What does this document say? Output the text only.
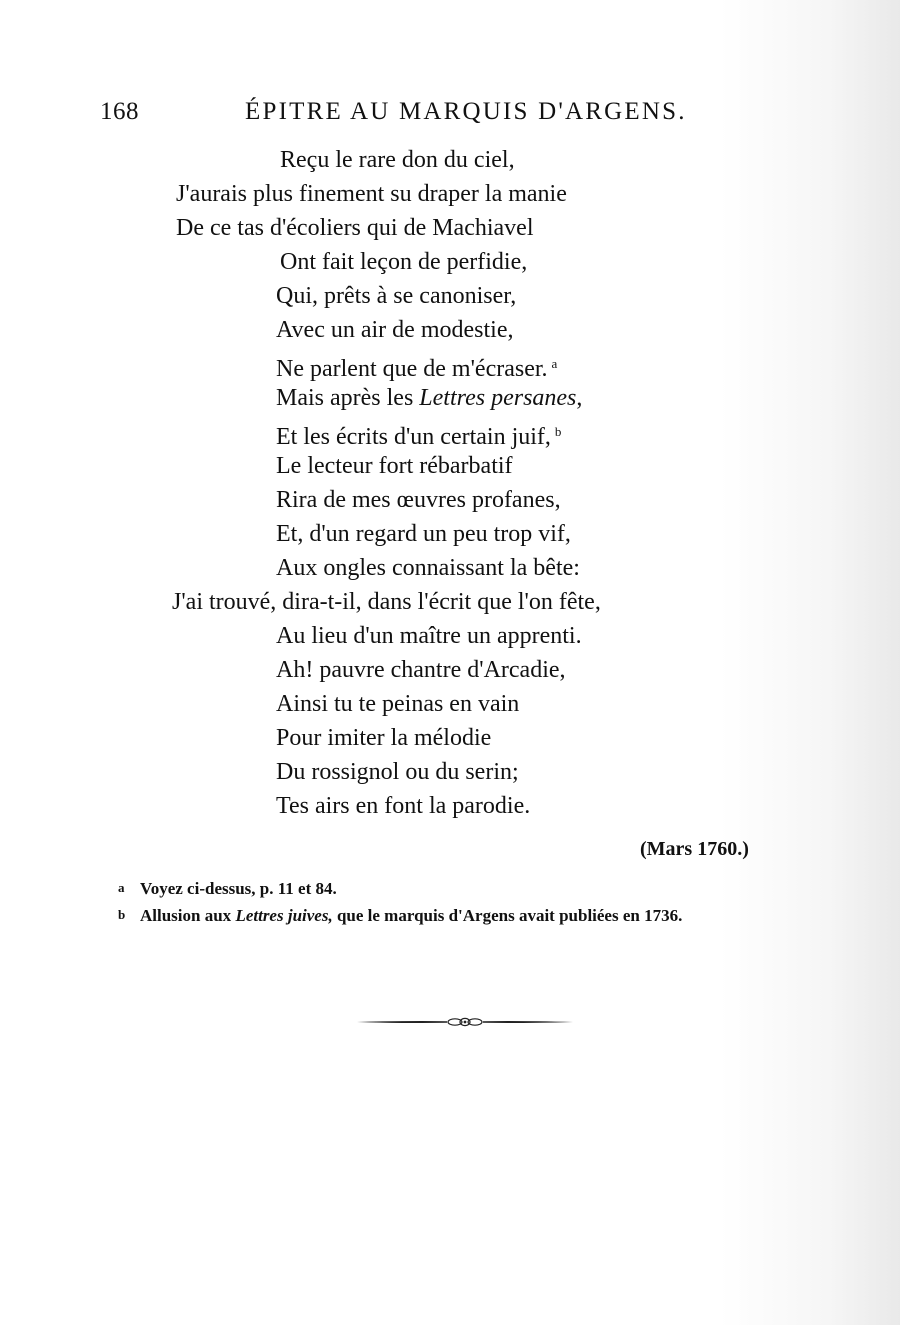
168	ÉPITRE AU MARQUIS D'ARGENS.
Reçu le rare don du ciel,
J'aurais plus finement su draper la manie
De ce tas d'écoliers qui de Machiavel
Ont fait leçon de perfidie,
Qui, prêts à se canoniser,
Avec un air de modestie,
Ne parlent que de m'écraser. $^a$
Mais après les Lettres persanes,
Et les écrits d'un certain juif, $^b$
Le lecteur fort rébarbatif
Rira de mes œuvres profanes,
Et, d'un regard un peu trop vif,
Aux ongles connaissant la bête:
J'ai trouvé, dira-t-il, dans l'écrit que l'on fête,
Au lieu d'un maître un apprenti.
Ah! pauvre chantre d'Arcadie,
Ainsi tu te peinas en vain
Pour imiter la mélodie
Du rossignol ou du serin;
Tes airs en font la parodie.
(Mars 1760.)
a Voyez ci-dessus, p. 11 et 84.
b Allusion aux Lettres juives, que le marquis d'Argens avait publiées en 1736.
